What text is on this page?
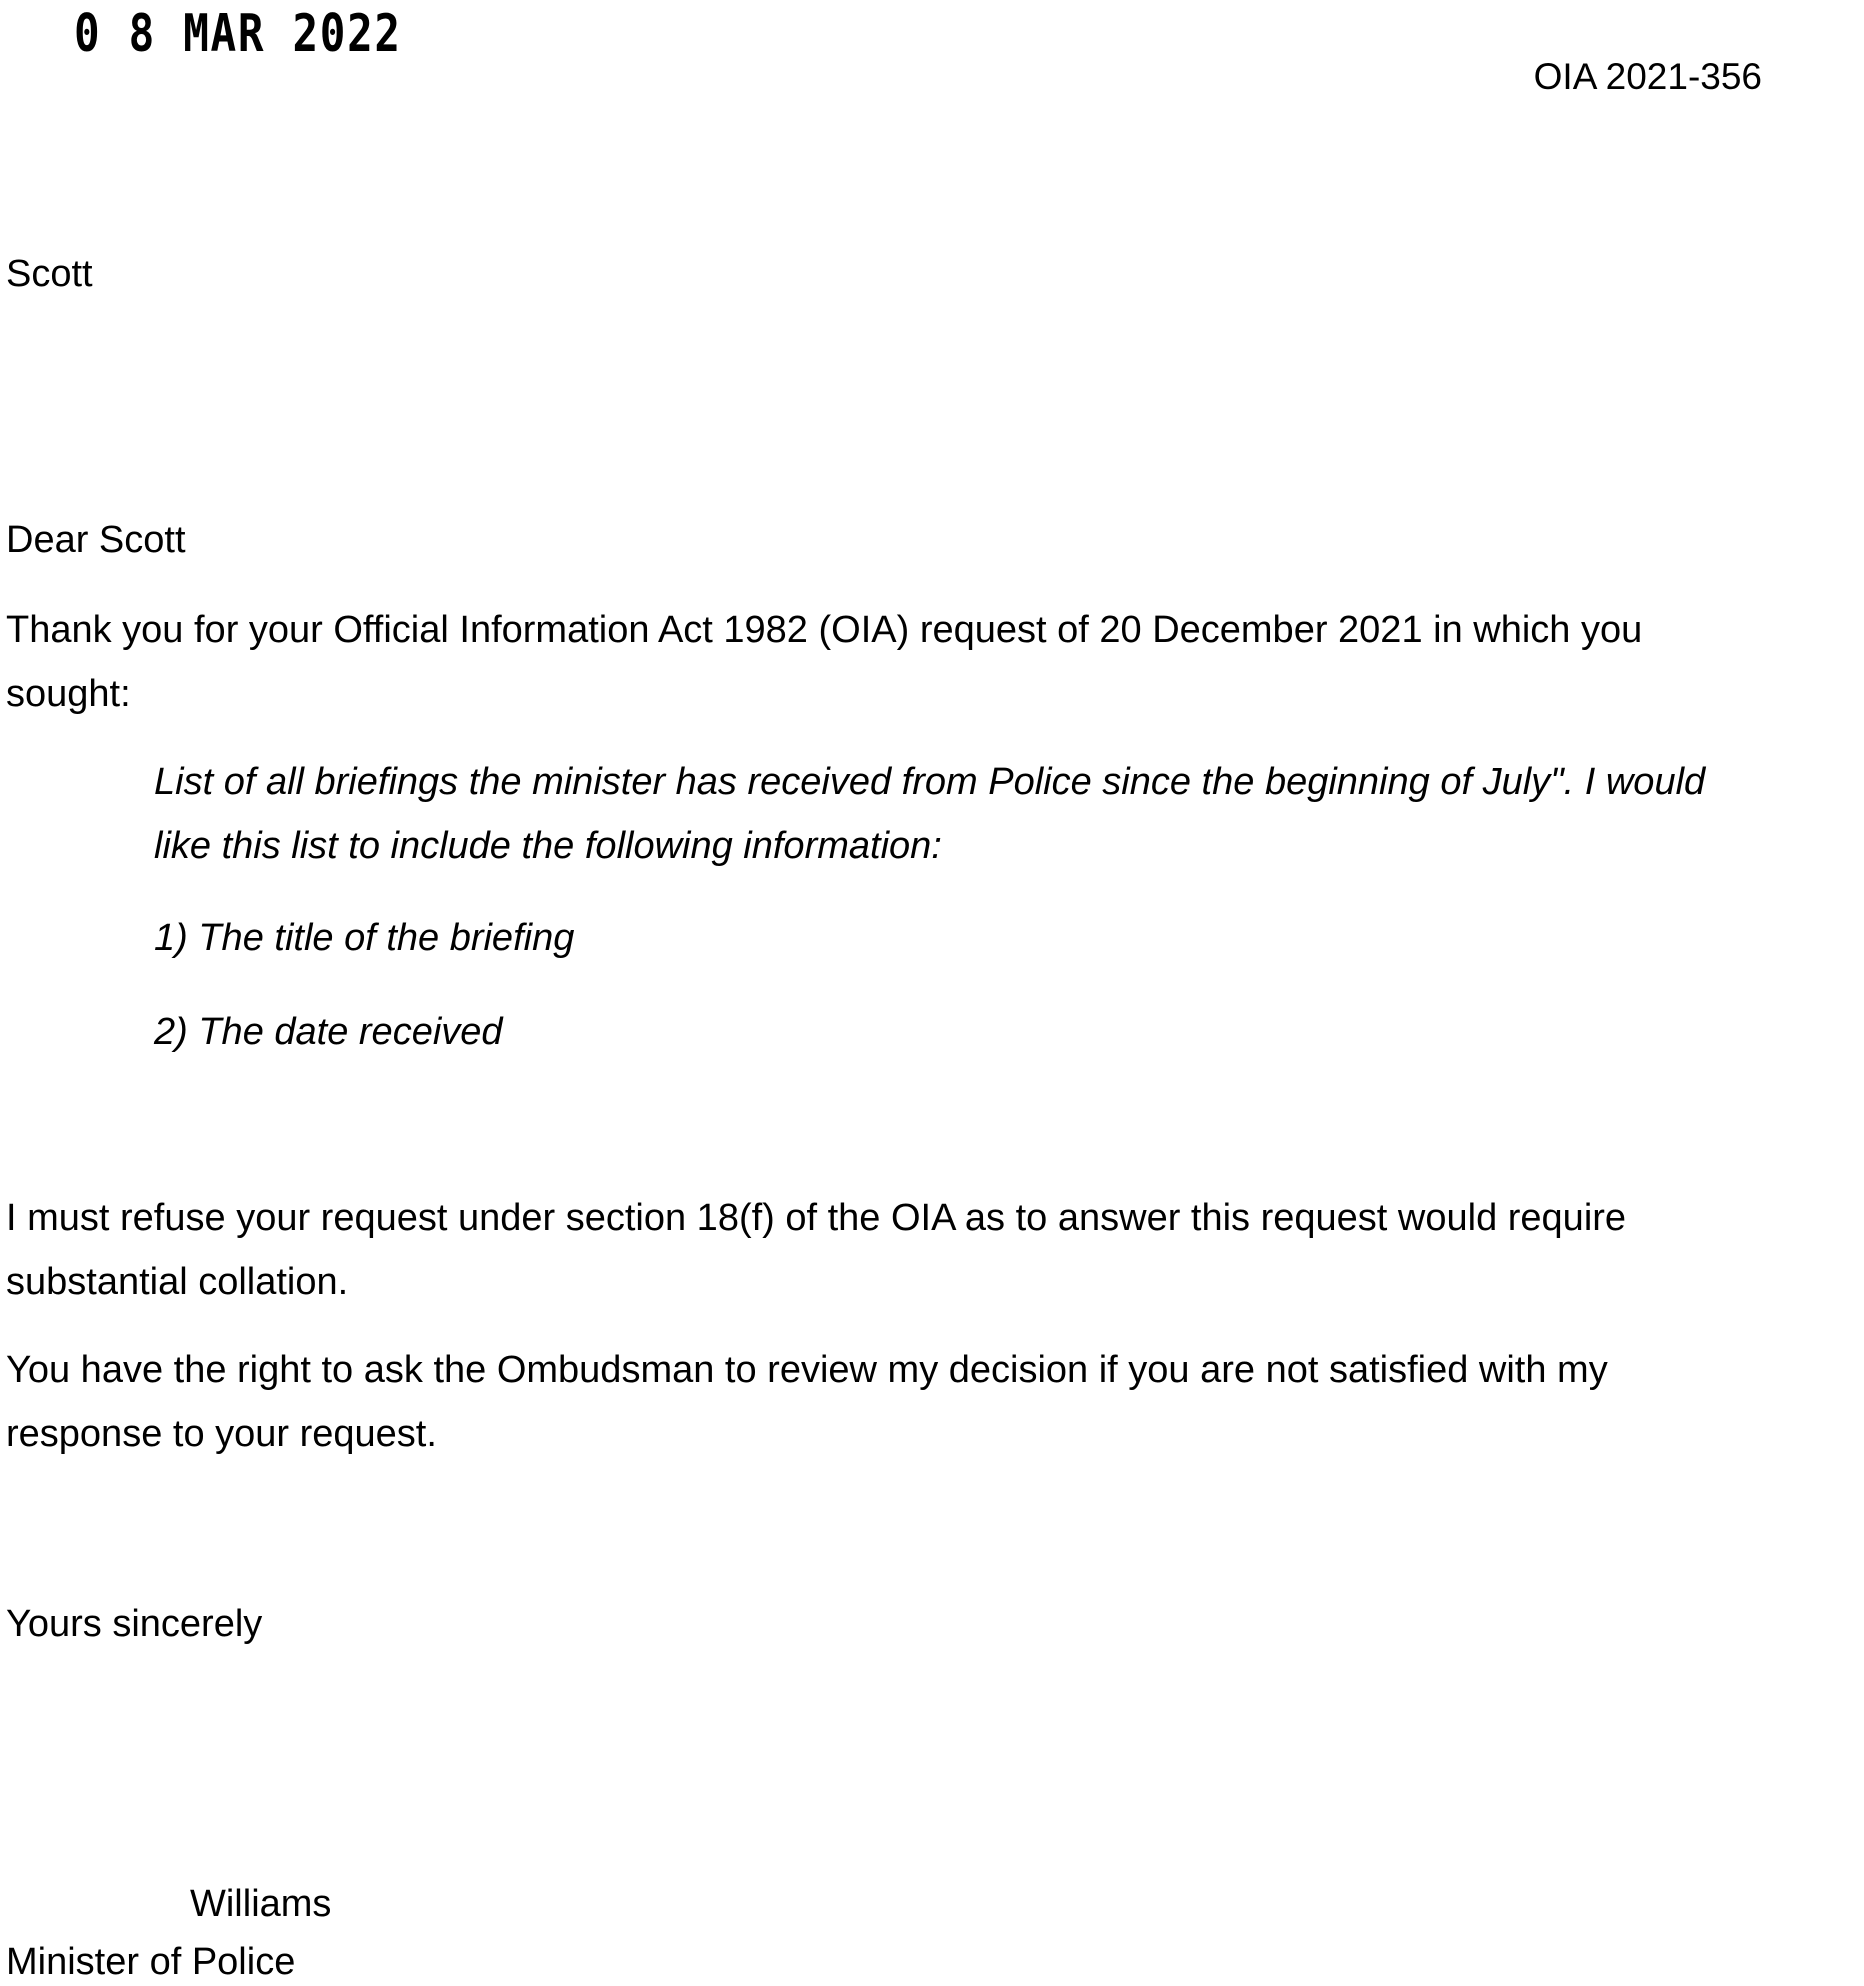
0 8 MAR 2022
OIA 2021-356
Scott
Dear Scott
Thank you for your Official Information Act 1982 (OIA) request of 20 December 2021 in which you
sought:
List of all briefings the minister has received from Police since the beginning of July". I would
like this list to include the following information:
1) The title of the briefing
2) The date received
I must refuse your request under section 18(f) of the OIA as to answer this request would require
substantial collation.
You have the right to ask the Ombudsman to review my decision if you are not satisfied with my
response to your request.
Yours sincerely
Williams
Minister of Police
